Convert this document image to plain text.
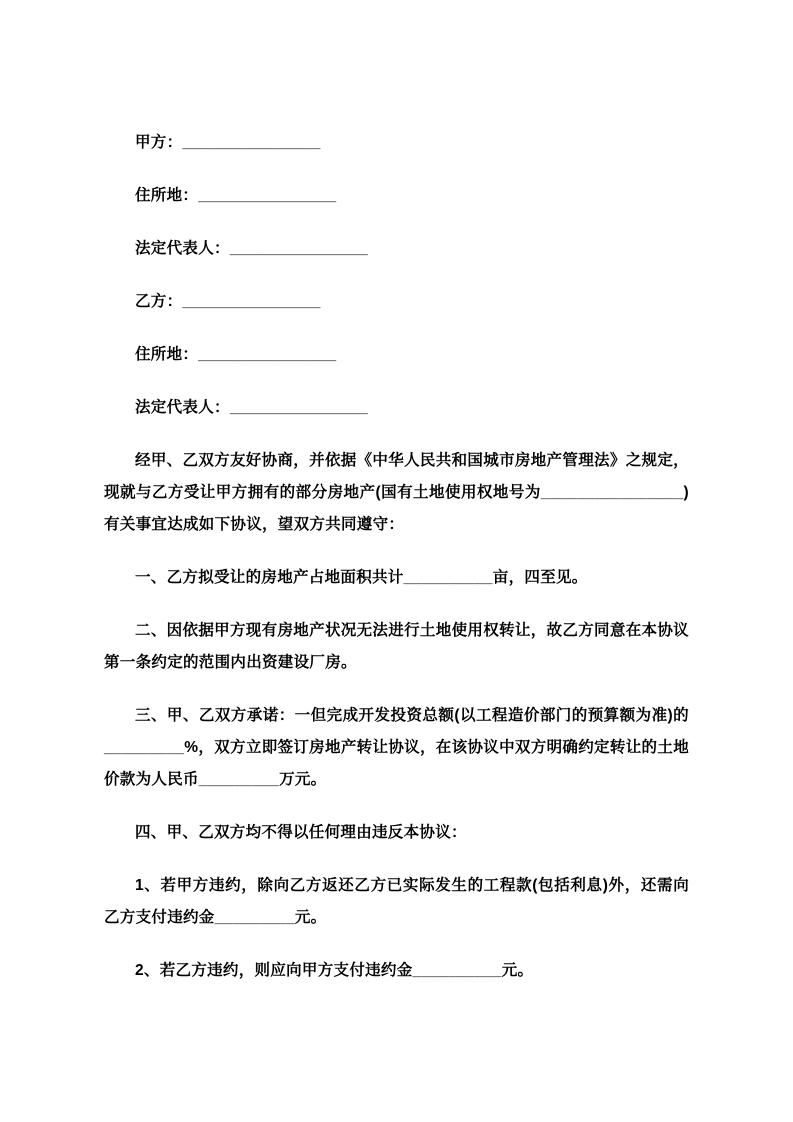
甲方：________________

住所地：________________

法定代表人：________________

乙方：________________

住所地：________________

法定代表人：________________

经甲、乙双方友好协商，并依据《中华人民共和国城市房地产管理法》之规定，现就与乙方受让甲方拥有的部分房地产(国有土地使用权地号为________________)有关事宜达成如下协议，望双方共同遵守：

一、乙方拟受让的房地产占地面积共计__________亩，四至见。

二、因依据甲方现有房地产状况无法进行土地使用权转让，故乙方同意在本协议第一条约定的范围内出资建设厂房。

三、甲、乙双方承诺：一但完成开发投资总额(以工程造价部门的预算额为准)的_________%，双方立即签订房地产转让协议，在该协议中双方明确约定转让的土地价款为人民币_________万元。

四、甲、乙双方均不得以任何理由违反本协议：

1、若甲方违约，除向乙方返还乙方已实际发生的工程款(包括利息)外，还需向乙方支付违约金_________元。

2、若乙方违约，则应向甲方支付违约金__________元。
